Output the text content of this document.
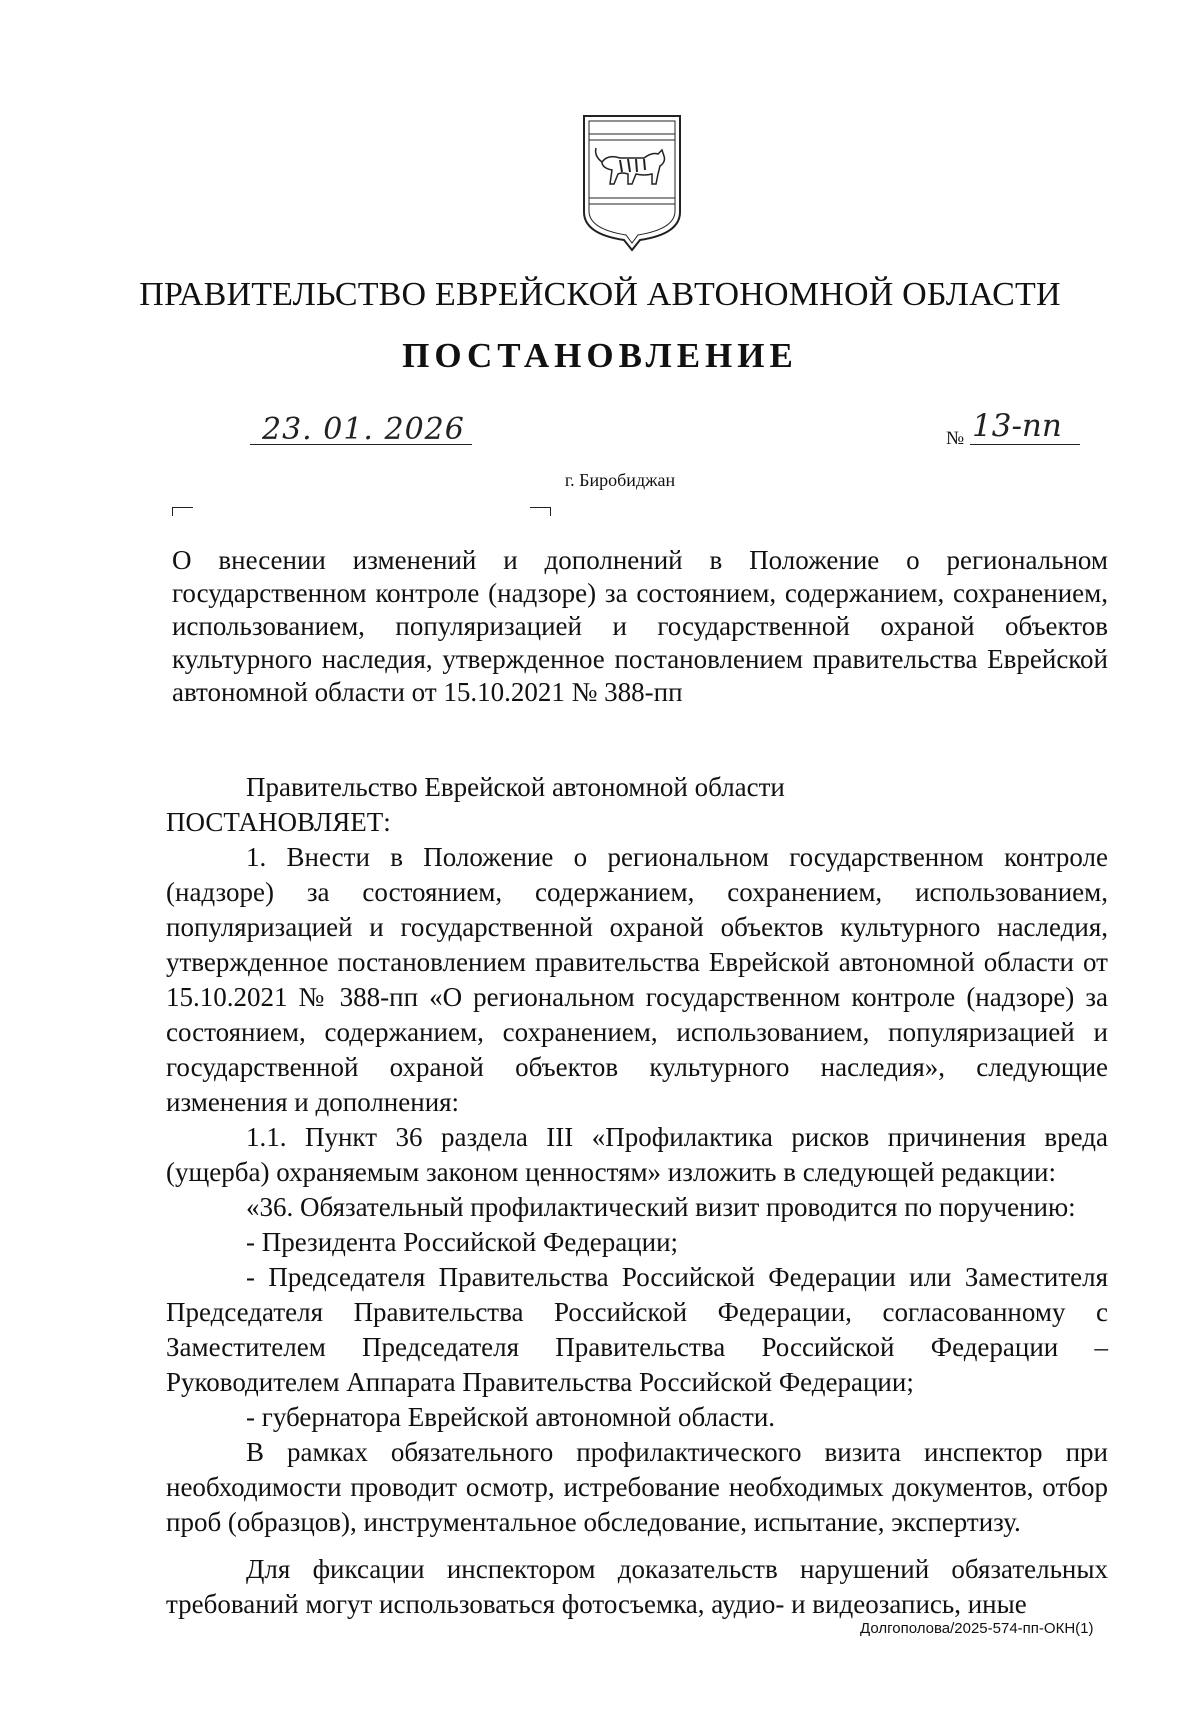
ПРАВИТЕЛЬСТВО ЕВРЕЙСКОЙ АВТОНОМНОЙ ОБЛАСТИ
ПОСТАНОВЛЕНИЕ
23. 01. 2026	№ 13-пп
г. Биробиджан
О внесении изменений и дополнений в Положение о региональном государственном контроле (надзоре) за состоянием, содержанием, сохранением, использованием, популяризацией и государственной охраной объектов культурного наследия, утвержденное постановлением правительства Еврейской автономной области от 15.10.2021 № 388-пп

Правительство Еврейской автономной области

ПОСТАНОВЛЯЕТ:

1. Внести в Положение о региональном государственном контроле (надзоре) за состоянием, содержанием, сохранением, использованием, популяризацией и государственной охраной объектов культурного наследия, утвержденное постановлением правительства Еврейской автономной области от 15.10.2021 № 388-пп «О региональном государственном контроле (надзоре) за состоянием, содержанием, сохранением, использованием, популяризацией и государственной охраной объектов культурного наследия», следующие изменения и дополнения:

1.1. Пункт 36 раздела III «Профилактика рисков причинения вреда (ущерба) охраняемым законом ценностям» изложить в следующей редакции:

«36. Обязательный профилактический визит проводится по поручению:

- Президента Российской Федерации;

- Председателя Правительства Российской Федерации или Заместителя Председателя Правительства Российской Федерации, согласованному с Заместителем Председателя Правительства Российской Федерации – Руководителем Аппарата Правительства Российской Федерации;

- губернатора Еврейской автономной области.

В рамках обязательного профилактического визита инспектор при необходимости проводит осмотр, истребование необходимых документов, отбор проб (образцов), инструментальное обследование, испытание, экспертизу.

Для фиксации инспектором доказательств нарушений обязательных требований могут использоваться фотосъемка, аудио- и видеозапись, иные

Долгополова/2025-574-пп-ОКН(1)
